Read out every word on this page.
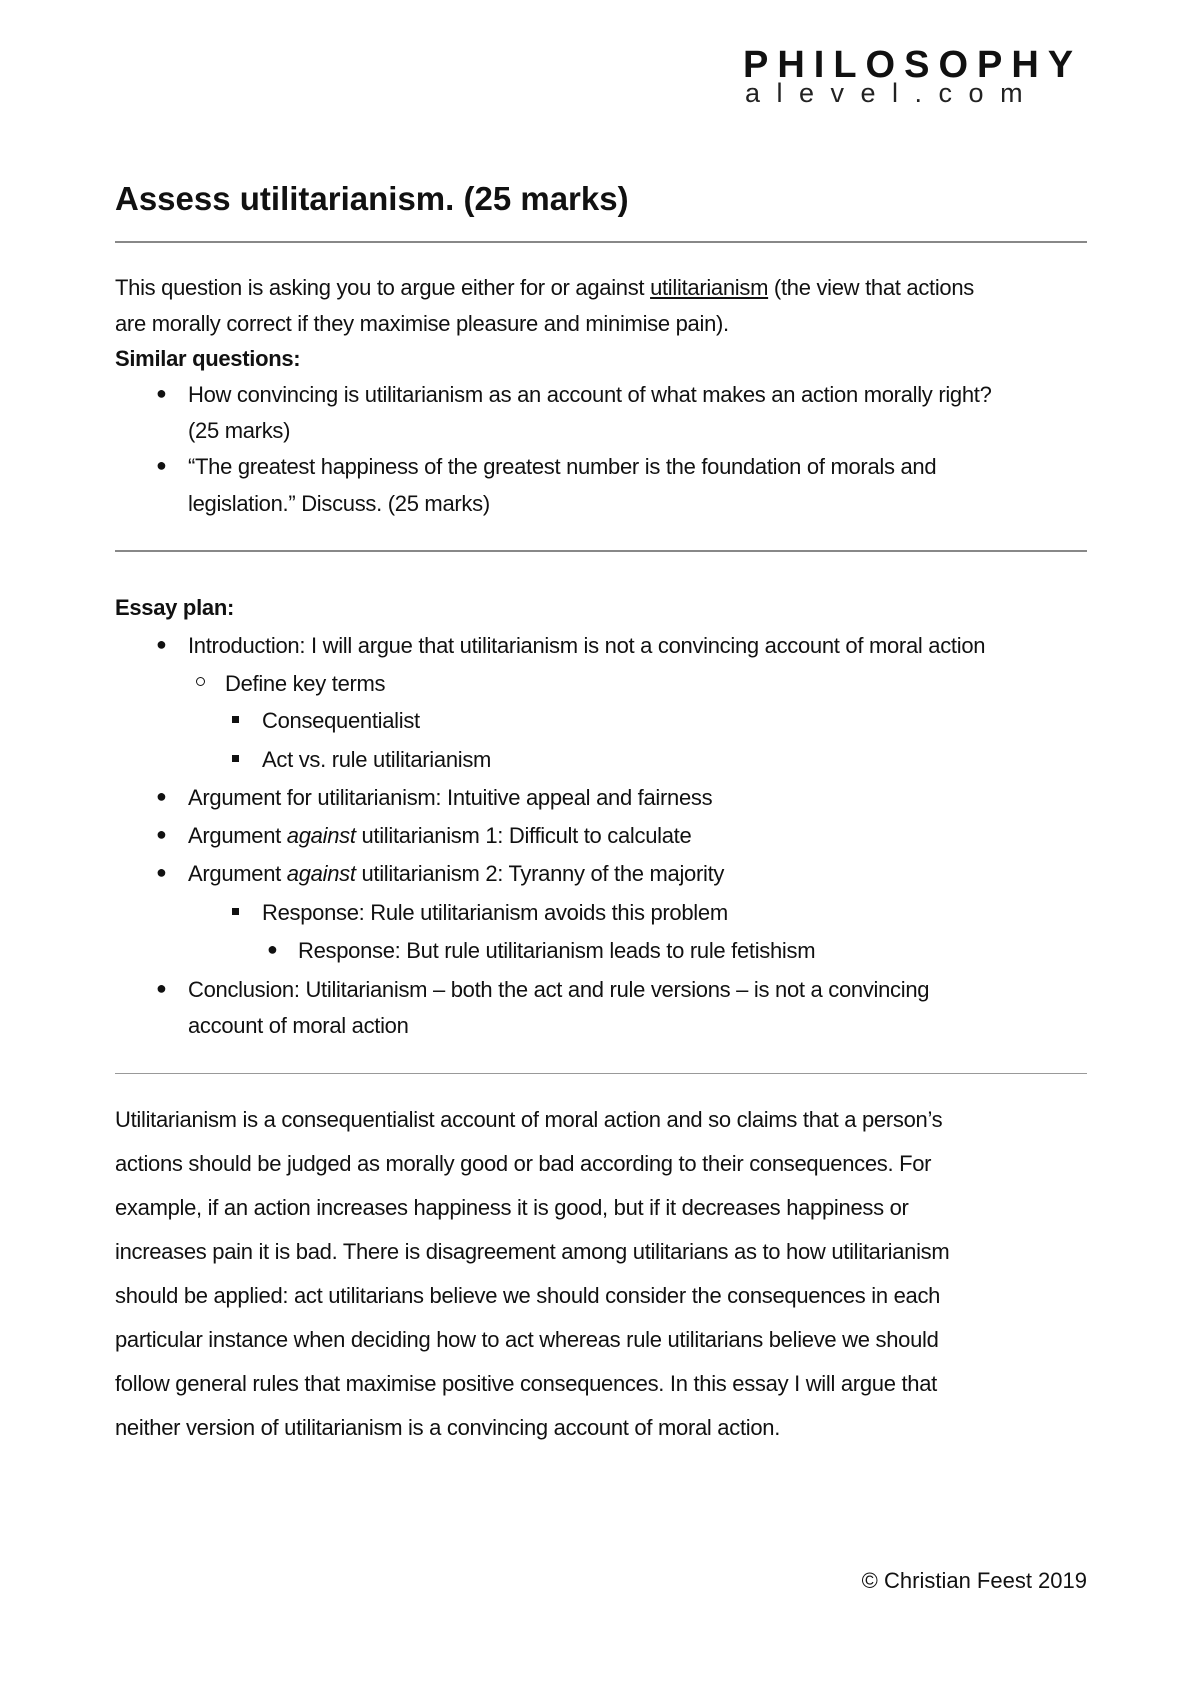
PHILOSOPHY
alevel.com
Assess utilitarianism. (25 marks)
This question is asking you to argue either for or against utilitarianism (the view that actions
are morally correct if they maximise pleasure and minimise pain).
Similar questions:
● How convincing is utilitarianism as an account of what makes an action morally right?
(25 marks)
● “The greatest happiness of the greatest number is the foundation of morals and
legislation.” Discuss. (25 marks)
Essay plan:
● Introduction: I will argue that utilitarianism is not a convincing account of moral action
Define key terms
Consequentialist
Act vs. rule utilitarianism
● Argument for utilitarianism: Intuitive appeal and fairness
● Argument against utilitarianism 1: Difficult to calculate
● Argument against utilitarianism 2: Tyranny of the majority
Response: Rule utilitarianism avoids this problem
● Response: But rule utilitarianism leads to rule fetishism
● Conclusion: Utilitarianism – both the act and rule versions – is not a convincing
account of moral action
Utilitarianism is a consequentialist account of moral action and so claims that a person’s
actions should be judged as morally good or bad according to their consequences. For
example, if an action increases happiness it is good, but if it decreases happiness or
increases pain it is bad. There is disagreement among utilitarians as to how utilitarianism
should be applied: act utilitarians believe we should consider the consequences in each
particular instance when deciding how to act whereas rule utilitarians believe we should
follow general rules that maximise positive consequences. In this essay I will argue that
neither version of utilitarianism is a convincing account of moral action.
© Christian Feest 2019
